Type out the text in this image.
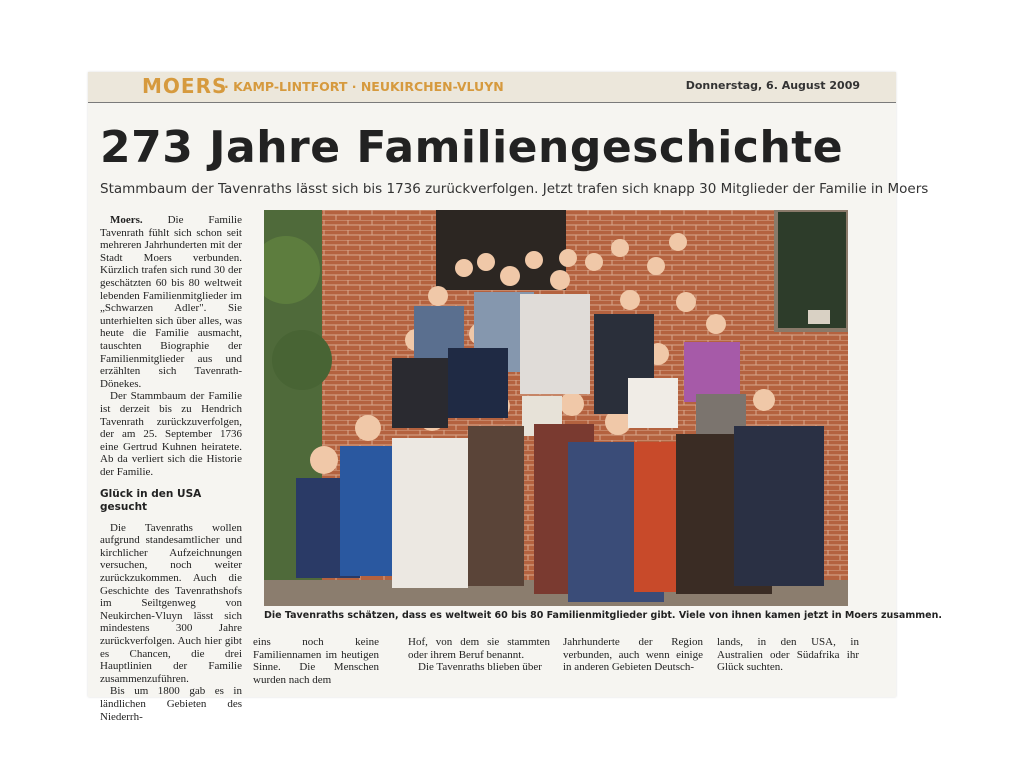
MOERS
· KAMP-LINTFORT · NEUKIRCHEN-VLUYN	Donnerstag, 6. August 2009
273 Jahre Familiengeschichte
Stammbaum der Tavenraths lässt sich bis 1736 zurückverfolgen. Jetzt trafen sich knapp 30 Mitglieder der Familie in Moers

Moers. Die Familie Tavenrath fühlt sich schon seit mehreren Jahrhunderten mit der Stadt Moers verbunden. Kürzlich trafen sich rund 30 der geschätzten 60 bis 80 weltweit lebenden Familienmitglieder im „Schwarzen Adler". Sie unterhielten sich über alles, was heute die Familie ausmacht, tauschten Biographie der Familienmitglieder aus und erzählten sich Tavenrath-Dönekes.

Der Stammbaum der Familie ist derzeit bis zu Hendrich Tavenrath zurückzuverfolgen, der am 25. September 1736 eine Gertrud Kuhnen heiratete. Ab da verliert sich die Historie der Familie.

Glück in den USA gesucht

Die Tavenraths wollen aufgrund standesamtlicher und kirchlicher Aufzeichnungen versuchen, noch weiter zurückzukommen. Auch die Geschichte des Tavenrathshofs im Seiltgenweg von Neukirchen-Vluyn lässt sich mindestens 300 Jahre zurückverfolgen. Auch hier gibt es Chancen, die drei Hauptlinien der Familie zusammenzuführen.

Bis um 1800 gab es in ländlichen Gebieten des Niederrh-

Die Tavenraths schätzen, dass es weltweit 60 bis 80 Familienmitglieder gibt. Viele von ihnen kamen jetzt in Moers zusammen.
eins noch keine Familiennamen im heutigen Sinne. Die Menschen wurden nach dem

Hof, von dem sie stammten oder ihrem Beruf benannt.

Die Tavenraths blieben über

Jahrhunderte der Region verbunden, auch wenn einige in anderen Gebieten Deutsch-
lands, in den USA, in Australien oder Südafrika ihr Glück suchten.
